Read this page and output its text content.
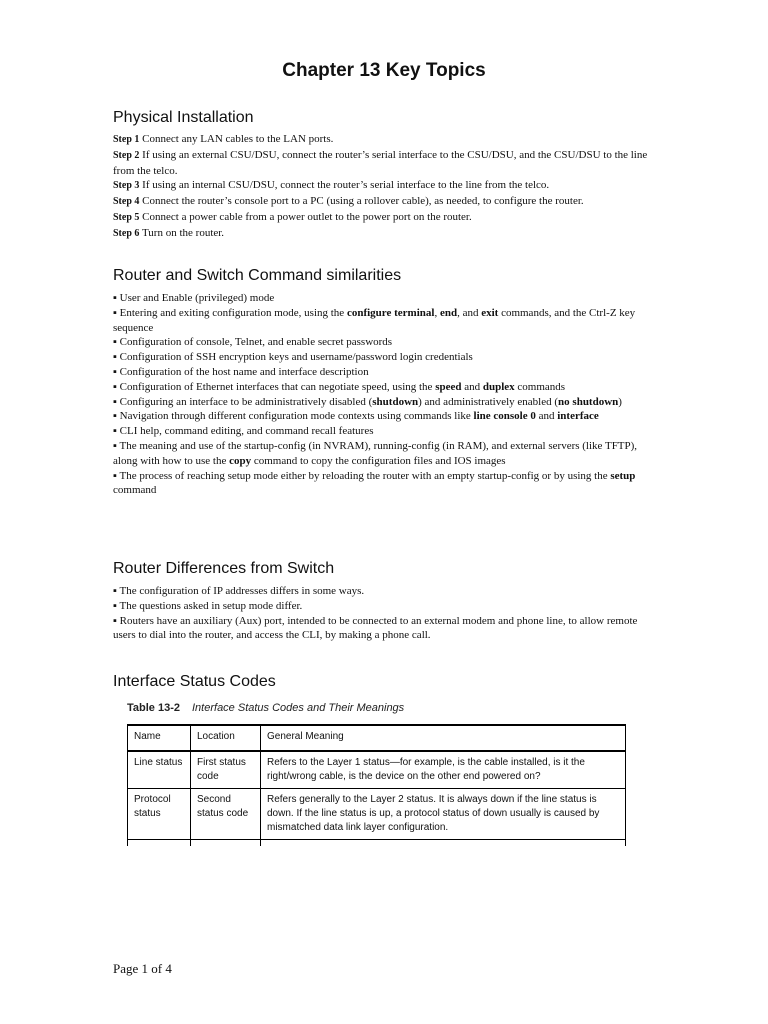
Chapter 13 Key Topics
Physical Installation

Step 1 Connect any LAN cables to the LAN ports.

Step 2 If using an external CSU/DSU, connect the router’s serial interface to the CSU/DSU, and the CSU/DSU to the line from the telco.

Step 3 If using an internal CSU/DSU, connect the router’s serial interface to the line from the telco.

Step 4 Connect the router’s console port to a PC (using a rollover cable), as needed, to configure the router.

Step 5 Connect a power cable from a power outlet to the power port on the router.

Step 6 Turn on the router.

Router and Switch Command similarities

▪ User and Enable (privileged) mode

▪ Entering and exiting configuration mode, using the configure terminal, end, and exit commands, and the Ctrl-Z key sequence

▪ Configuration of console, Telnet, and enable secret passwords

▪ Configuration of SSH encryption keys and username/password login credentials

▪ Configuration of the host name and interface description

▪ Configuration of Ethernet interfaces that can negotiate speed, using the speed and duplex commands

▪ Configuring an interface to be administratively disabled (shutdown) and administratively enabled (no shutdown)

▪ Navigation through different configuration mode contexts using commands like line console 0 and interface

▪ CLI help, command editing, and command recall features

▪ The meaning and use of the startup-config (in NVRAM), running-config (in RAM), and external servers (like TFTP), along with how to use the copy command to copy the configuration files and IOS images

▪ The process of reaching setup mode either by reloading the router with an empty startup-config or by using the setup command

Router Differences from Switch

▪ The configuration of IP addresses differs in some ways.

▪ The questions asked in setup mode differ.

▪ Routers have an auxiliary (Aux) port, intended to be connected to an external modem and phone line, to allow remote users to dial into the router, and access the CLI, by making a phone call.

Interface Status Codes
Table 13-2 Interface Status Codes and Their Meanings
Name	Location	General Meaning
Line status	First status code	Refers to the Layer 1 status—for example, is the cable installed, is it the right/wrong cable, is the device on the other end powered on?
Protocol status	Second status code	Refers generally to the Layer 2 status. It is always down if the line status is down. If the line status is up, a protocol status of down usually is caused by mismatched data link layer configuration.

Page 1 of 4
